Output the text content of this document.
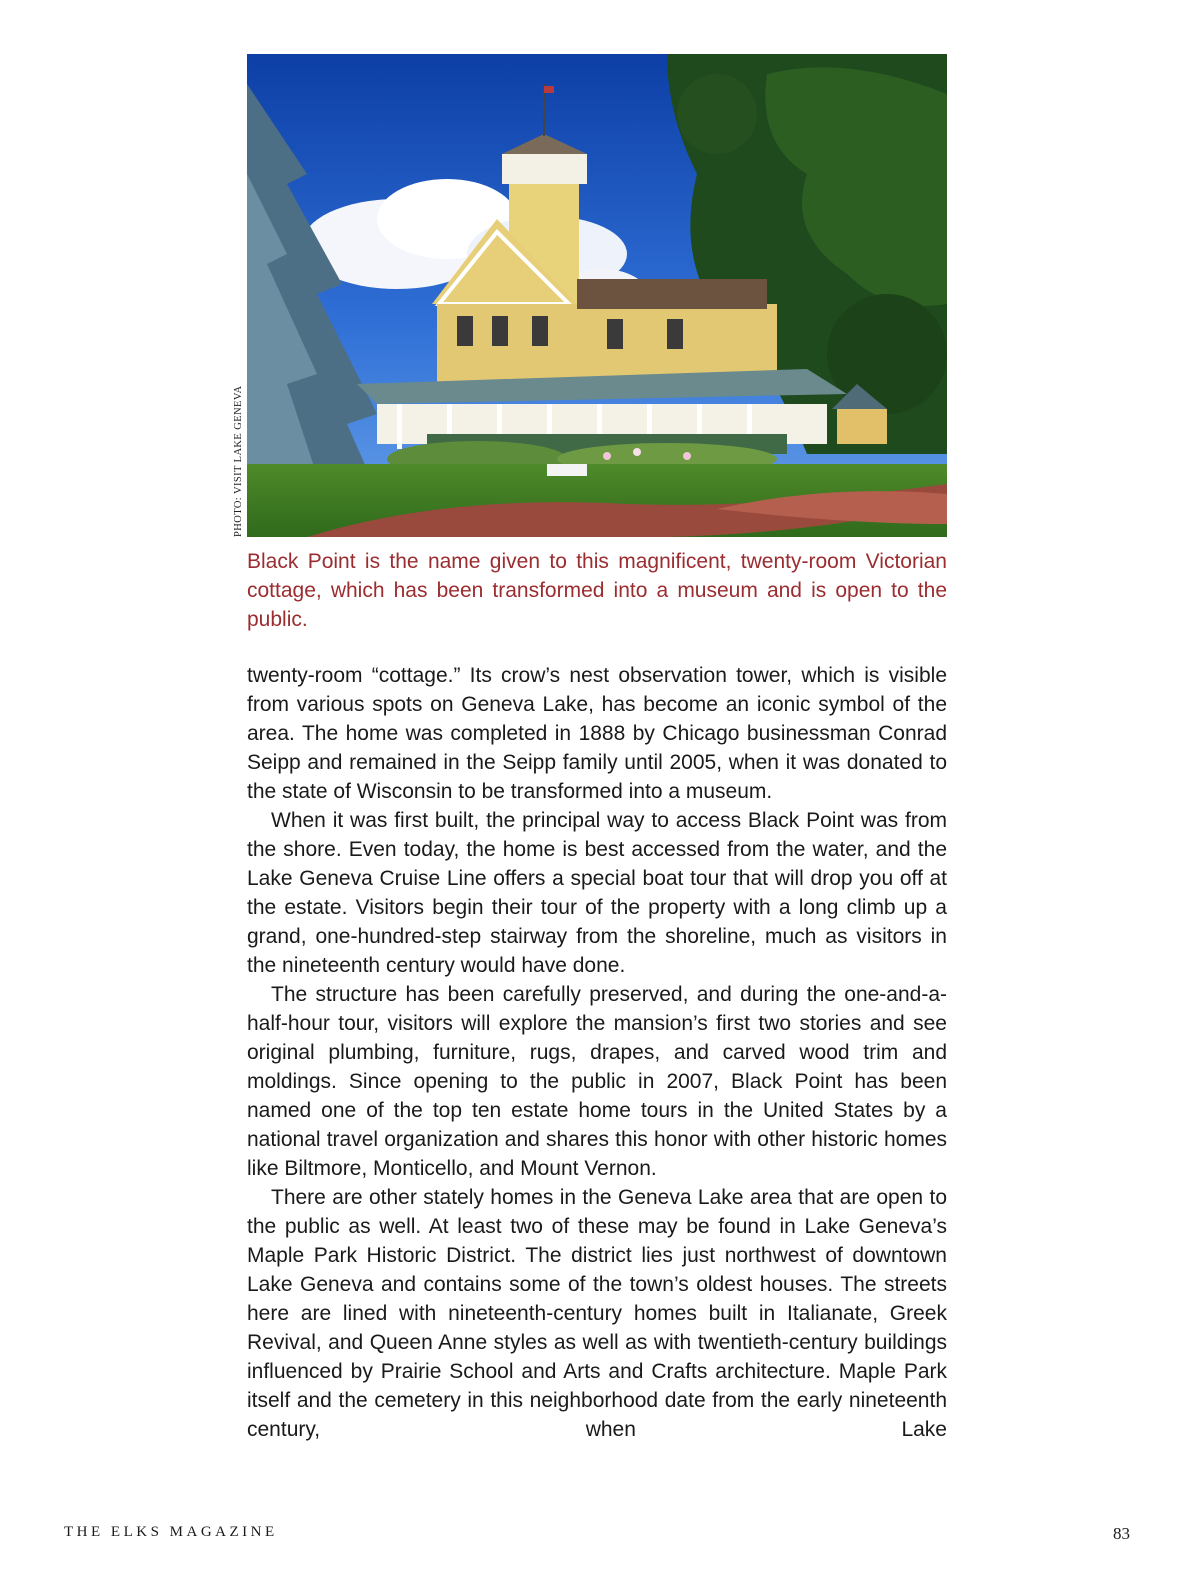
PHOTO: VISIT LAKE GENEVA

Black Point is the name given to this magnificent, twenty-room Victorian cottage, which has been transformed into a museum and is open to the public.

twenty-room “cottage.” Its crow’s nest observation tower, which is visible from various spots on Geneva Lake, has become an iconic symbol of the area. The home was completed in 1888 by Chicago businessman Conrad Seipp and remained in the Seipp family until 2005, when it was donated to the state of Wisconsin to be transformed into a museum.

When it was first built, the principal way to access Black Point was from the shore. Even today, the home is best accessed from the water, and the Lake Geneva Cruise Line offers a special boat tour that will drop you off at the estate. Visitors begin their tour of the property with a long climb up a grand, one-hundred-step stairway from the shoreline, much as visitors in the nineteenth century would have done.

The structure has been carefully preserved, and during the one-and-a-half-hour tour, visitors will explore the mansion’s first two stories and see original plumbing, furniture, rugs, drapes, and carved wood trim and moldings. Since opening to the public in 2007, Black Point has been named one of the top ten estate home tours in the United States by a national travel organization and shares this honor with other historic homes like Biltmore, Monticello, and Mount Vernon.

There are other stately homes in the Geneva Lake area that are open to the public as well. At least two of these may be found in Lake Geneva’s Maple Park Historic District. The district lies just northwest of downtown Lake Geneva and contains some of the town’s oldest houses. The streets here are lined with nineteenth-century homes built in Italianate, Greek Revival, and Queen Anne styles as well as with twentieth-century buildings influenced by Prairie School and Arts and Crafts architecture. Maple Park itself and the cemetery in this neighborhood date from the early nineteenth century, when Lake

THE ELKS MAGAZINE	83
